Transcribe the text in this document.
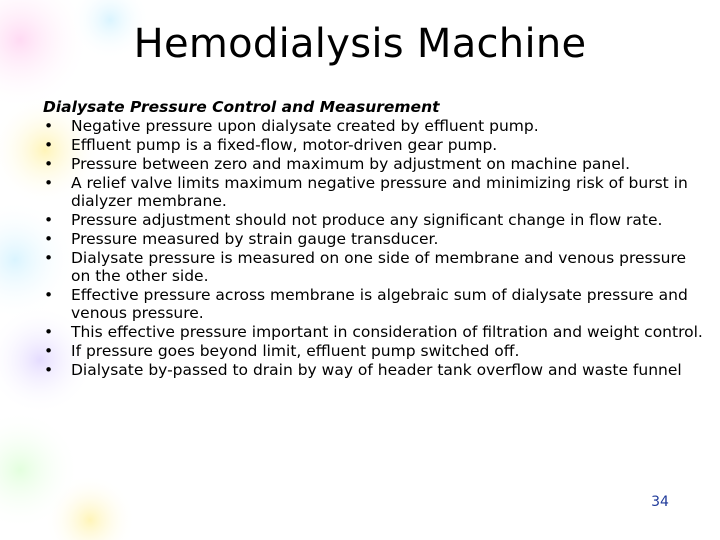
Hemodialysis Machine

Dialysate Pressure Control and Measurement

•	Negative pressure upon dialysate created by effluent pump.
•	Effluent pump is a fixed-flow, motor-driven gear pump.
•	Pressure between zero and maximum by adjustment on machine panel.
•	A relief valve limits maximum negative pressure and minimizing risk of burst in dialyzer membrane.
•	Pressure adjustment should not produce any significant change in flow rate.
•	Pressure measured by strain gauge transducer.
•	Dialysate pressure is measured on one side of membrane and venous pressure on the other side.
•	Effective pressure across membrane is algebraic sum of dialysate pressure and venous pressure.
•	This effective pressure important in consideration of filtration and weight control.
•	If pressure goes beyond limit, effluent pump switched off.
•	Dialysate by-passed to drain by way of header tank overflow and waste funnel
34
